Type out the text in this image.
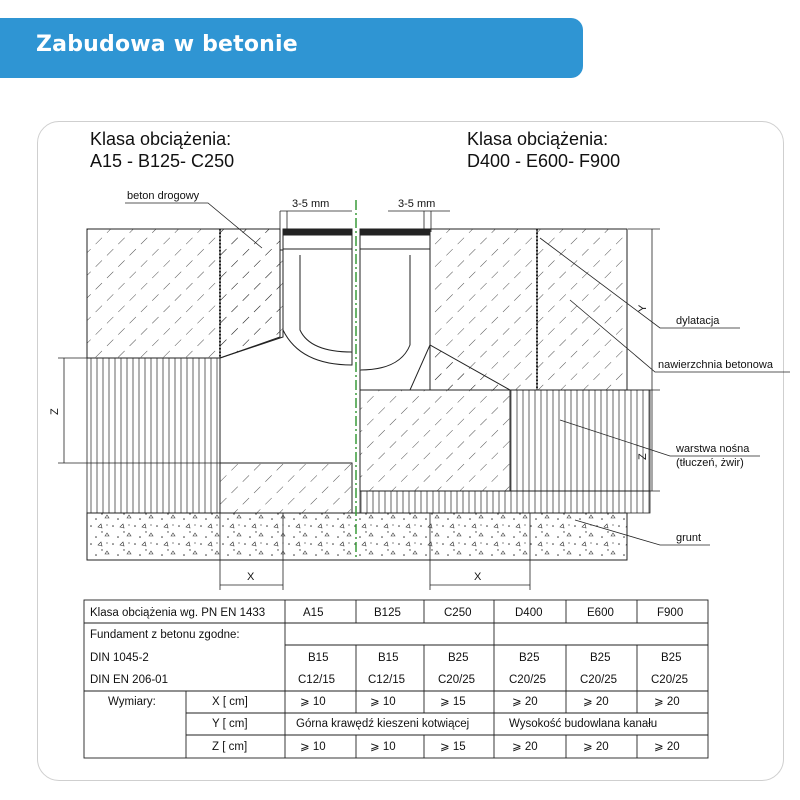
Zabudowa w betonie
Klasa obciążenia:
A15 - B125- C250
Klasa obciążenia:
D400 - E600- F900
3-5 mm	3-5 mm
beton drogowy
Y
Z
Z
X	X
dylatacja
nawierzchnia betonowa
warstwa nośna
(tłuczeń, żwir)
grunt
Klasa obciążenia wg. PN EN 1433	A15	B125	C250	D400	E600	F900
Fundament z betonu zgodne:
DIN 1045-2	B15	B15	B25	B25	B25	B25
DIN EN 206-01	C12/15	C12/15	C20/25	C20/25	C20/25	C20/25
Wymiary:	X [ cm]	⩾ 10	⩾ 10	⩾ 15	⩾ 20	⩾ 20	⩾ 20
Y [ cm]	Górna krawędź kieszeni kotwiącej	Wysokość budowlana kanału
Z [ cm]	⩾ 10	⩾ 10	⩾ 15	⩾ 20	⩾ 20	⩾ 20
